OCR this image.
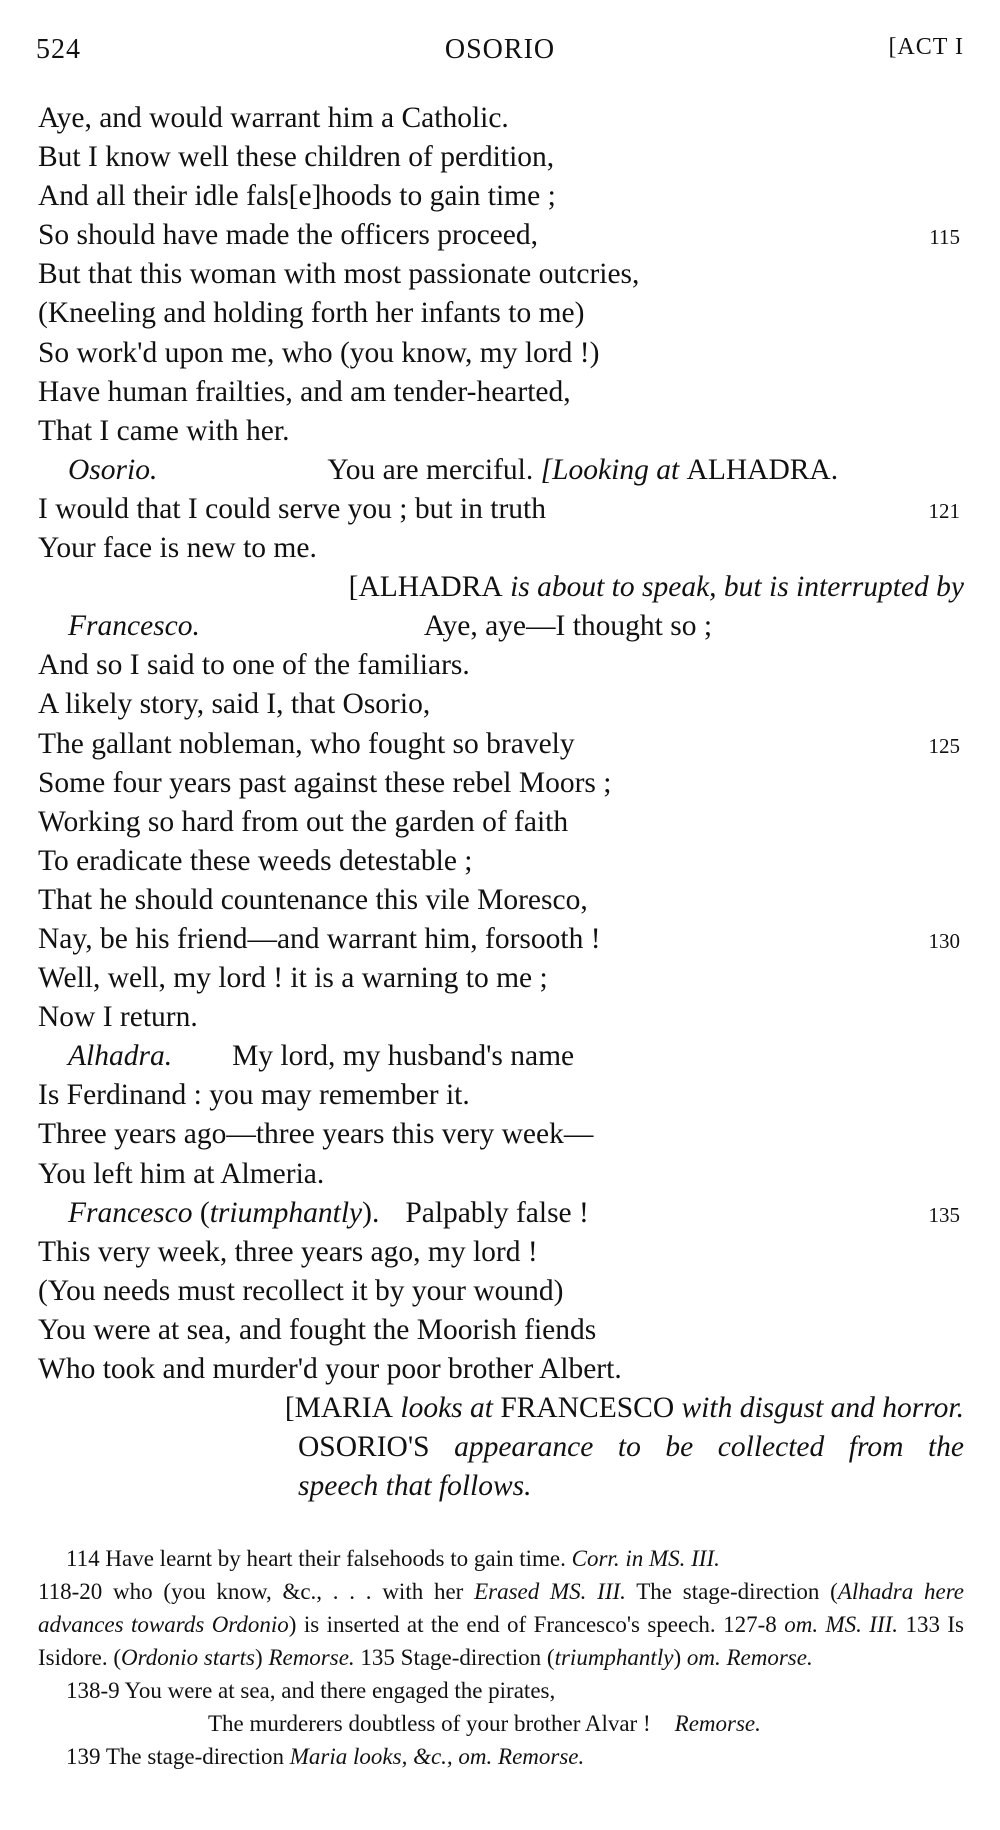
524	OSORIO	[ACT I
Aye, and would warrant him a Catholic.
But I know well these children of perdition,
And all their idle fals[e]hoods to gain time ;
So should have made the officers proceed,	115
But that this woman with most passionate outcries,
(Kneeling and holding forth her infants to me)
So work'd upon me, who (you know, my lord !)
Have human frailties, and am tender-hearted,
That I came with her.
Osorio.	You are merciful. [Looking at ALHADRA.
I would that I could serve you ; but in truth	121
Your face is new to me.
[ALHADRA is about to speak, but is interrupted by
Francesco.	Aye, aye—I thought so ;
And so I said to one of the familiars.
A likely story, said I, that Osorio,
The gallant nobleman, who fought so bravely	125
Some four years past against these rebel Moors ;
Working so hard from out the garden of faith
To eradicate these weeds detestable ;
That he should countenance this vile Moresco,
Nay, be his friend—and warrant him, forsooth !	130
Well, well, my lord ! it is a warning to me ;
Now I return.
Alhadra. My lord, my husband's name
Is Ferdinand : you may remember it.
Three years ago—three years this very week—
You left him at Almeria.
Francesco (triumphantly). Palpably false !	135
This very week, three years ago, my lord !
(You needs must recollect it by your wound)
You were at sea, and fought the Moorish fiends
Who took and murder'd your poor brother Albert.
[MARIA looks at FRANCESCO with disgust and horror.
OSORIO'S appearance to be collected from the
speech that follows.
114 Have learnt by heart their falsehoods to gain time. Corr. in MS. III.
118-20 who (you know, &c., . . . with her Erased MS. III. The stage-direction (Alhadra here advances towards Ordonio) is inserted at the end of Francesco's speech. 127-8 om. MS. III. 133 Is Isidore. (Ordonio starts) Remorse. 135 Stage-direction (triumphantly) om. Remorse.
138-9 You were at sea, and there engaged the pirates,
The murderers doubtless of your brother Alvar ! Remorse.
139 The stage-direction Maria looks, &c., om. Remorse.
